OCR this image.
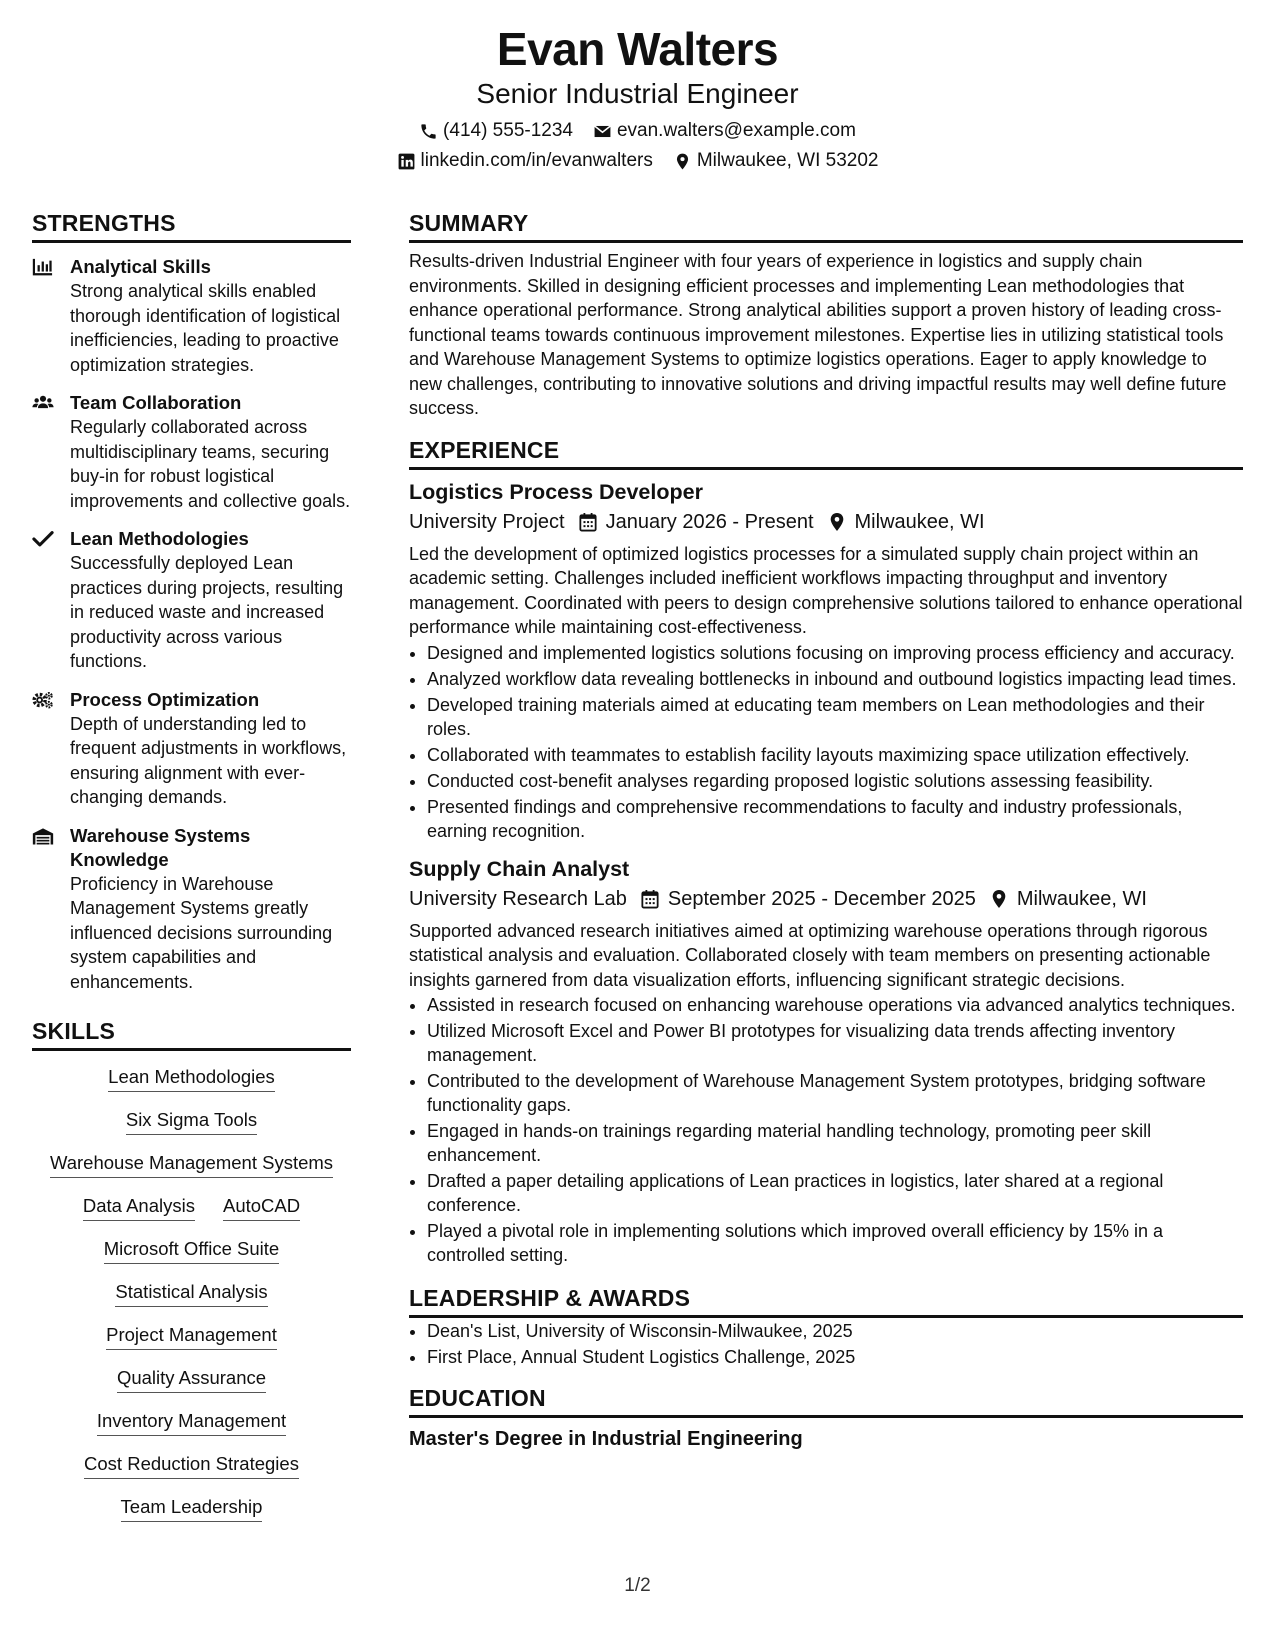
Evan Walters
Senior Industrial Engineer
(414) 555-1234 evan.walters@example.com
linkedin.com/in/evanwalters Milwaukee, WI 53202
STRENGTHS
Analytical Skills
Strong analytical skills enabled thorough identification of logistical inefficiencies, leading to proactive optimization strategies.
Team Collaboration
Regularly collaborated across multidisciplinary teams, securing buy-in for robust logistical improvements and collective goals.
Lean Methodologies
Successfully deployed Lean practices during projects, resulting in reduced waste and increased productivity across various functions.
Process Optimization
Depth of understanding led to frequent adjustments in workflows, ensuring alignment with ever-changing demands.
Warehouse Systems Knowledge
Proficiency in Warehouse Management Systems greatly influenced decisions surrounding system capabilities and enhancements.
SKILLS
Lean Methodologies
Six Sigma Tools
Warehouse Management Systems
Data Analysis AutoCAD
Microsoft Office Suite
Statistical Analysis
Project Management
Quality Assurance
Inventory Management
Cost Reduction Strategies
Team Leadership
SUMMARY
Results-driven Industrial Engineer with four years of experience in logistics and supply chain environments. Skilled in designing efficient processes and implementing Lean methodologies that enhance operational performance. Strong analytical abilities support a proven history of leading cross-functional teams towards continuous improvement milestones. Expertise lies in utilizing statistical tools and Warehouse Management Systems to optimize logistics operations. Eager to apply knowledge to new challenges, contributing to innovative solutions and driving impactful results may well define future success.
EXPERIENCE
Logistics Process Developer
University Project January 2026 - Present Milwaukee, WI
Led the development of optimized logistics processes for a simulated supply chain project within an academic setting. Challenges included inefficient workflows impacting throughput and inventory management. Coordinated with peers to design comprehensive solutions tailored to enhance operational performance while maintaining cost-effectiveness.
• Designed and implemented logistics solutions focusing on improving process efficiency and accuracy.
• Analyzed workflow data revealing bottlenecks in inbound and outbound logistics impacting lead times.
• Developed training materials aimed at educating team members on Lean methodologies and their roles.
• Collaborated with teammates to establish facility layouts maximizing space utilization effectively.
• Conducted cost-benefit analyses regarding proposed logistic solutions assessing feasibility.
• Presented findings and comprehensive recommendations to faculty and industry professionals, earning recognition.
Supply Chain Analyst
University Research Lab September 2025 - December 2025 Milwaukee, WI
Supported advanced research initiatives aimed at optimizing warehouse operations through rigorous statistical analysis and evaluation. Collaborated closely with team members on presenting actionable insights garnered from data visualization efforts, influencing significant strategic decisions.
• Assisted in research focused on enhancing warehouse operations via advanced analytics techniques.
• Utilized Microsoft Excel and Power BI prototypes for visualizing data trends affecting inventory management.
• Contributed to the development of Warehouse Management System prototypes, bridging software functionality gaps.
• Engaged in hands-on trainings regarding material handling technology, promoting peer skill enhancement.
• Drafted a paper detailing applications of Lean practices in logistics, later shared at a regional conference.
• Played a pivotal role in implementing solutions which improved overall efficiency by 15% in a controlled setting.
LEADERSHIP & AWARDS
• Dean's List, University of Wisconsin-Milwaukee, 2025
• First Place, Annual Student Logistics Challenge, 2025
EDUCATION
Master's Degree in Industrial Engineering
1/2
